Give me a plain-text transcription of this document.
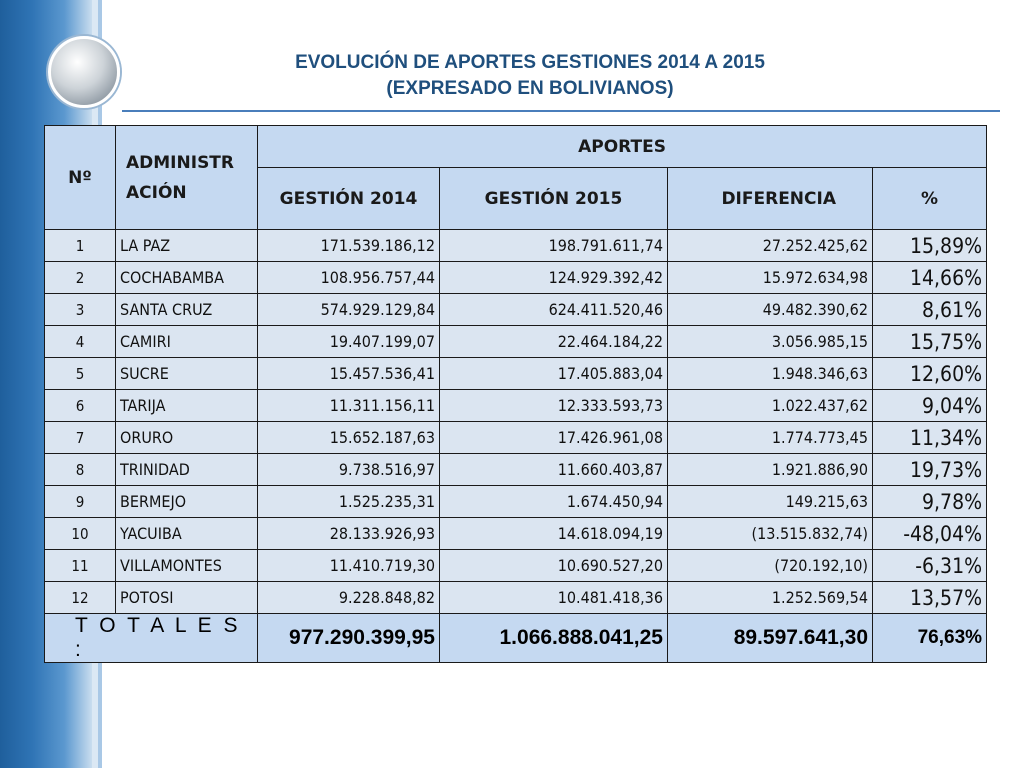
EVOLUCIÓN DE APORTES GESTIONES 2014 A 2015
(EXPRESADO EN BOLIVIANOS)
Nº	ADMINISTR ACIÓN	APORTES			
		GESTIÓN 2014	GESTIÓN 2015	DIFERENCIA	%
1	LA PAZ	171.539.186,12	198.791.611,74	27.252.425,62	15,89%
2	COCHABAMBA	108.956.757,44	124.929.392,42	15.972.634,98	14,66%
3	SANTA CRUZ	574.929.129,84	624.411.520,46	49.482.390,62	8,61%
4	CAMIRI	19.407.199,07	22.464.184,22	3.056.985,15	15,75%
5	SUCRE	15.457.536,41	17.405.883,04	1.948.346,63	12,60%
6	TARIJA	11.311.156,11	12.333.593,73	1.022.437,62	9,04%
7	ORURO	15.652.187,63	17.426.961,08	1.774.773,45	11,34%
8	TRINIDAD	9.738.516,97	11.660.403,87	1.921.886,90	19,73%
9	BERMEJO	1.525.235,31	1.674.450,94	149.215,63	9,78%
10	YACUIBA	28.133.926,93	14.618.094,19	(13.515.832,74)	-48,04%
11	VILLAMONTES	11.410.719,30	10.690.527,20	(720.192,10)	-6,31%
12	POTOSI	9.228.848,82	10.481.418,36	1.252.569,54	13,57%
T O T A L E S :		977.290.399,95	1.066.888.041,25	89.597.641,30	76,63%
